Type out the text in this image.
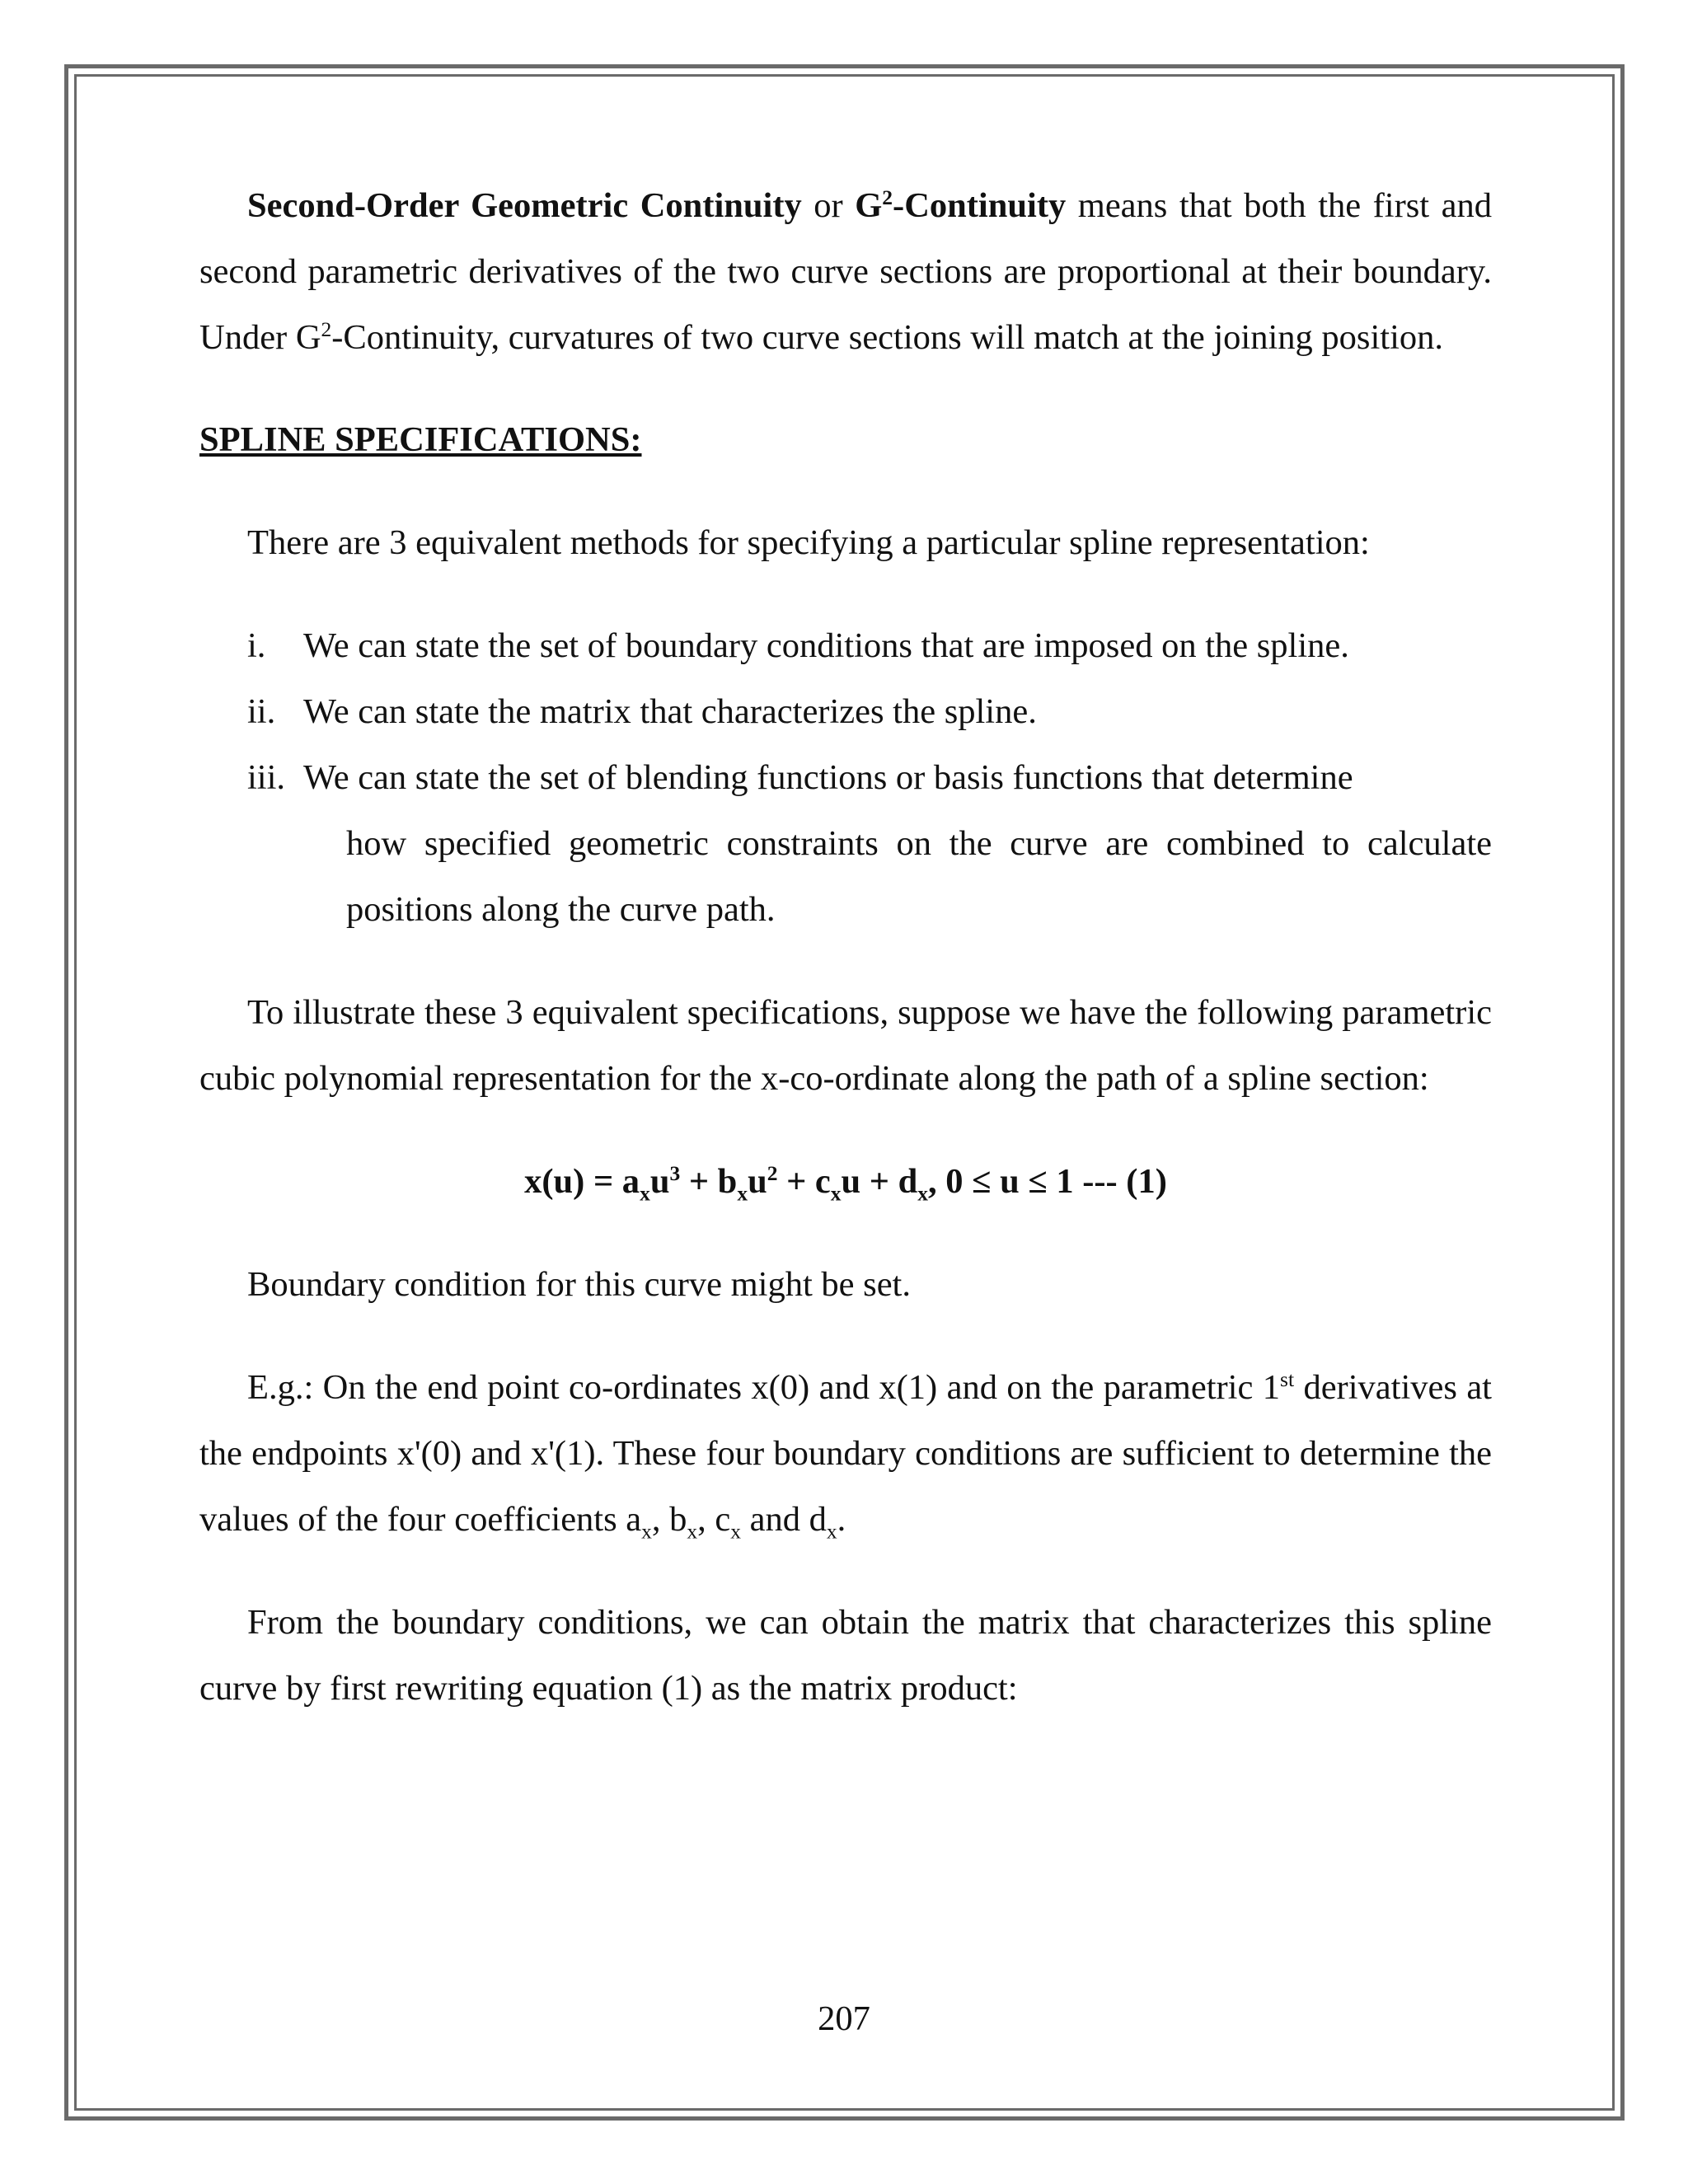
Second-Order Geometric Continuity or $G^2$-Continuity means that both the first and second parametric derivatives of the two curve sections are proportional at their boundary. Under $G^2$-Continuity, curvatures of two curve sections will match at the joining position.

SPLINE SPECIFICATIONS:

There are 3 equivalent methods for specifying a particular spline representation:

i.	We can state the set of boundary conditions that are imposed on the spline.
ii. We can state the matrix that characterizes the spline.
iii. We can state the set of blending functions or basis functions that determine

how specified geometric constraints on the curve are combined to calculate positions along the curve path.

To illustrate these 3 equivalent specifications, suppose we have the following parametric cubic polynomial representation for the x-co-ordinate along the path of a spline section:

$x(u) = a_xu^3 + b_xu^2 + c_xu + d_x$, 0 ≤ u ≤ 1 --- (1)

Boundary condition for this curve might be set.

E.g.: On the end point co-ordinates x(0) and x(1) and on the parametric 1st derivatives at the endpoints x'(0) and x'(1). These four boundary conditions are sufficient to determine the values of the four coefficients $a_x$, $b_x$, $c_x$ and $d_x$.

From the boundary conditions, we can obtain the matrix that characterizes this spline curve by first rewriting equation (1) as the matrix product:

207
